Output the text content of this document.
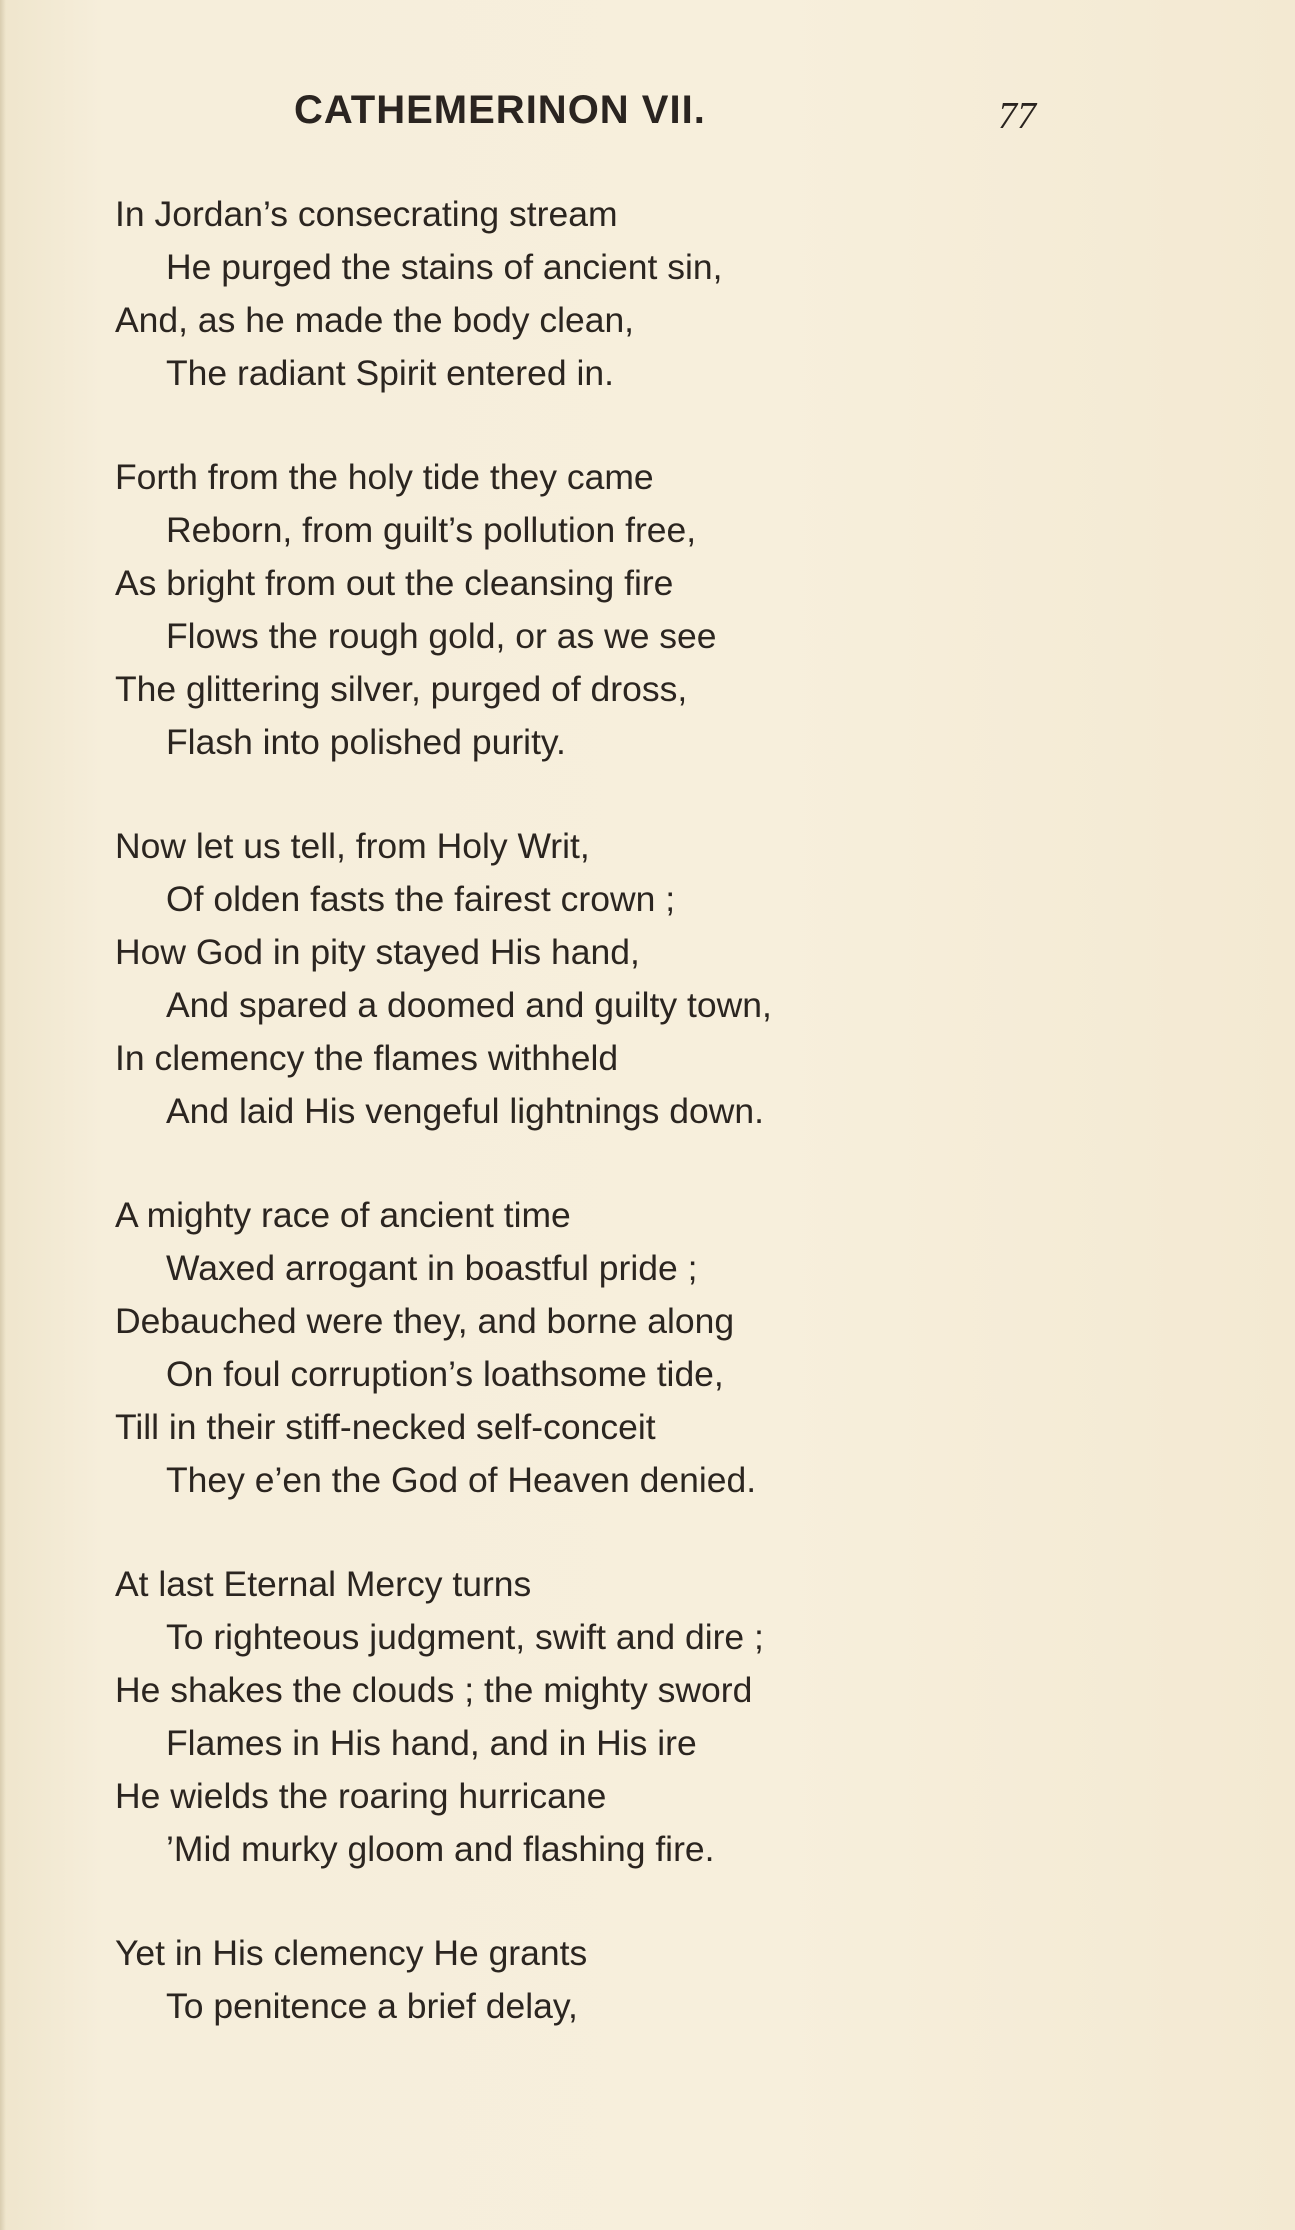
CATHEMERINON VII.	77
In Jordan’s consecrating stream
He purged the stains of ancient sin,
And, as he made the body clean,
The radiant Spirit entered in.
Forth from the holy tide they came
Reborn, from guilt’s pollution free,
As bright from out the cleansing fire
Flows the rough gold, or as we see
The glittering silver, purged of dross,
Flash into polished purity.
Now let us tell, from Holy Writ,
Of olden fasts the fairest crown ;
How God in pity stayed His hand,
And spared a doomed and guilty town,
In clemency the flames withheld
And laid His vengeful lightnings down.
A mighty race of ancient time
Waxed arrogant in boastful pride ;
Debauched were they, and borne along
On foul corruption’s loathsome tide,
Till in their stiff-necked self-conceit
They e’en the God of Heaven denied.
At last Eternal Mercy turns
To righteous judgment, swift and dire ;
He shakes the clouds ; the mighty sword
Flames in His hand, and in His ire
He wields the roaring hurricane
’Mid murky gloom and flashing fire.
Yet in His clemency He grants
To penitence a brief delay,
